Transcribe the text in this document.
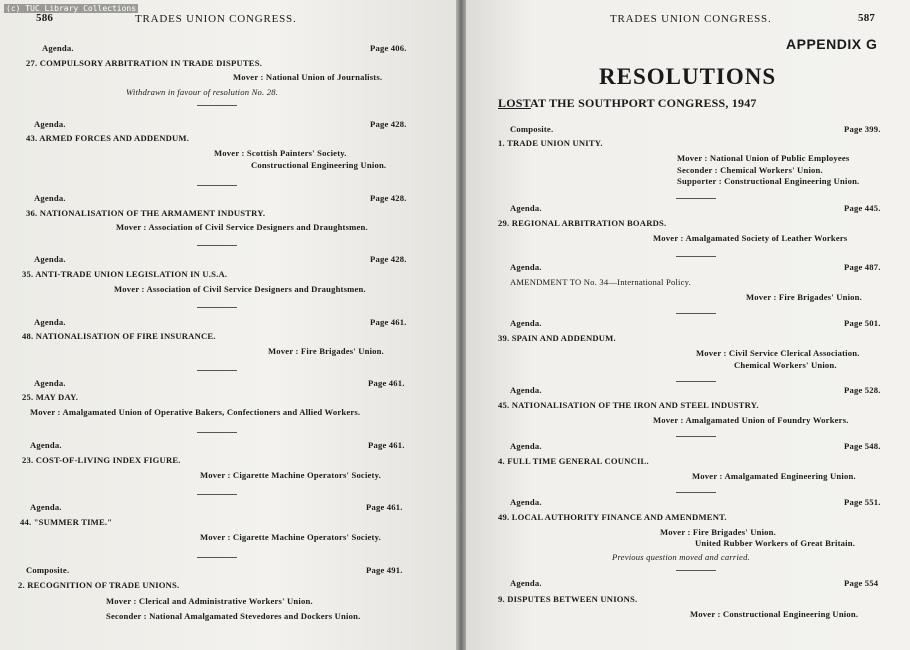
586	TRADES UNION CONGRESS.
Agenda.	Page 406.
27. COMPULSORY ARBITRATION IN TRADE DISPUTES.
Mover : National Union of Journalists.
Withdrawn in favour of resolution No. 28.
Agenda.	Page 428.
43. ARMED FORCES AND ADDENDUM.
Mover : Scottish Painters' Society.
Constructional Engineering Union.
Agenda.	Page 428.
36. NATIONALISATION OF THE ARMAMENT INDUSTRY.
Mover : Association of Civil Service Designers and Draughtsmen.
Agenda.	Page 428.
35. ANTI-TRADE UNION LEGISLATION IN U.S.A.
Mover : Association of Civil Service Designers and Draughtsmen.
Agenda.	Page 461.
48. NATIONALISATION OF FIRE INSURANCE.
Mover : Fire Brigades' Union.
Agenda.	Page 461.
25. MAY DAY.
Mover : Amalgamated Union of Operative Bakers, Confectioners and Allied Workers.
Agenda.	Page 461.
23. COST-OF-LIVING INDEX FIGURE.
Mover : Cigarette Machine Operators' Society.
Agenda.	Page 461.
44. "SUMMER TIME."
Mover : Cigarette Machine Operators' Society.
Composite.	Page 491.
2. RECOGNITION OF TRADE UNIONS.
Mover : Clerical and Administrative Workers' Union.
Seconder : National Amalgamated Stevedores and Dockers Union.
TRADES UNION CONGRESS.	587
APPENDIX G
RESOLUTIONS
LOST AT THE SOUTHPORT CONGRESS, 1947
Composite.	Page 399.
1. TRADE UNION UNITY.
Mover : National Union of Public Employees
Seconder : Chemical Workers' Union.
Supporter : Constructional Engineering Union.
Agenda.	Page 445.
29. REGIONAL ARBITRATION BOARDS.
Mover : Amalgamated Society of Leather Workers
Agenda.	Page 487.
AMENDMENT TO No. 34—International Policy.
Mover : Fire Brigades' Union.
Agenda.	Page 501.
39. SPAIN AND ADDENDUM.
Mover : Civil Service Clerical Association.
Chemical Workers' Union.
Agenda.	Page 528.
45. NATIONALISATION OF THE IRON AND STEEL INDUSTRY.
Mover : Amalgamated Union of Foundry Workers.
Agenda.	Page 548.
4. FULL TIME GENERAL COUNCIL.
Mover : Amalgamated Engineering Union.
Agenda.	Page 551.
49. LOCAL AUTHORITY FINANCE AND AMENDMENT.
Mover : Fire Brigades' Union.
United Rubber Workers of Great Britain.
Previous question moved and carried.
Agenda.	Page 554
9. DISPUTES BETWEEN UNIONS.
Mover : Constructional Engineering Union.
(c) TUC Library Collections
